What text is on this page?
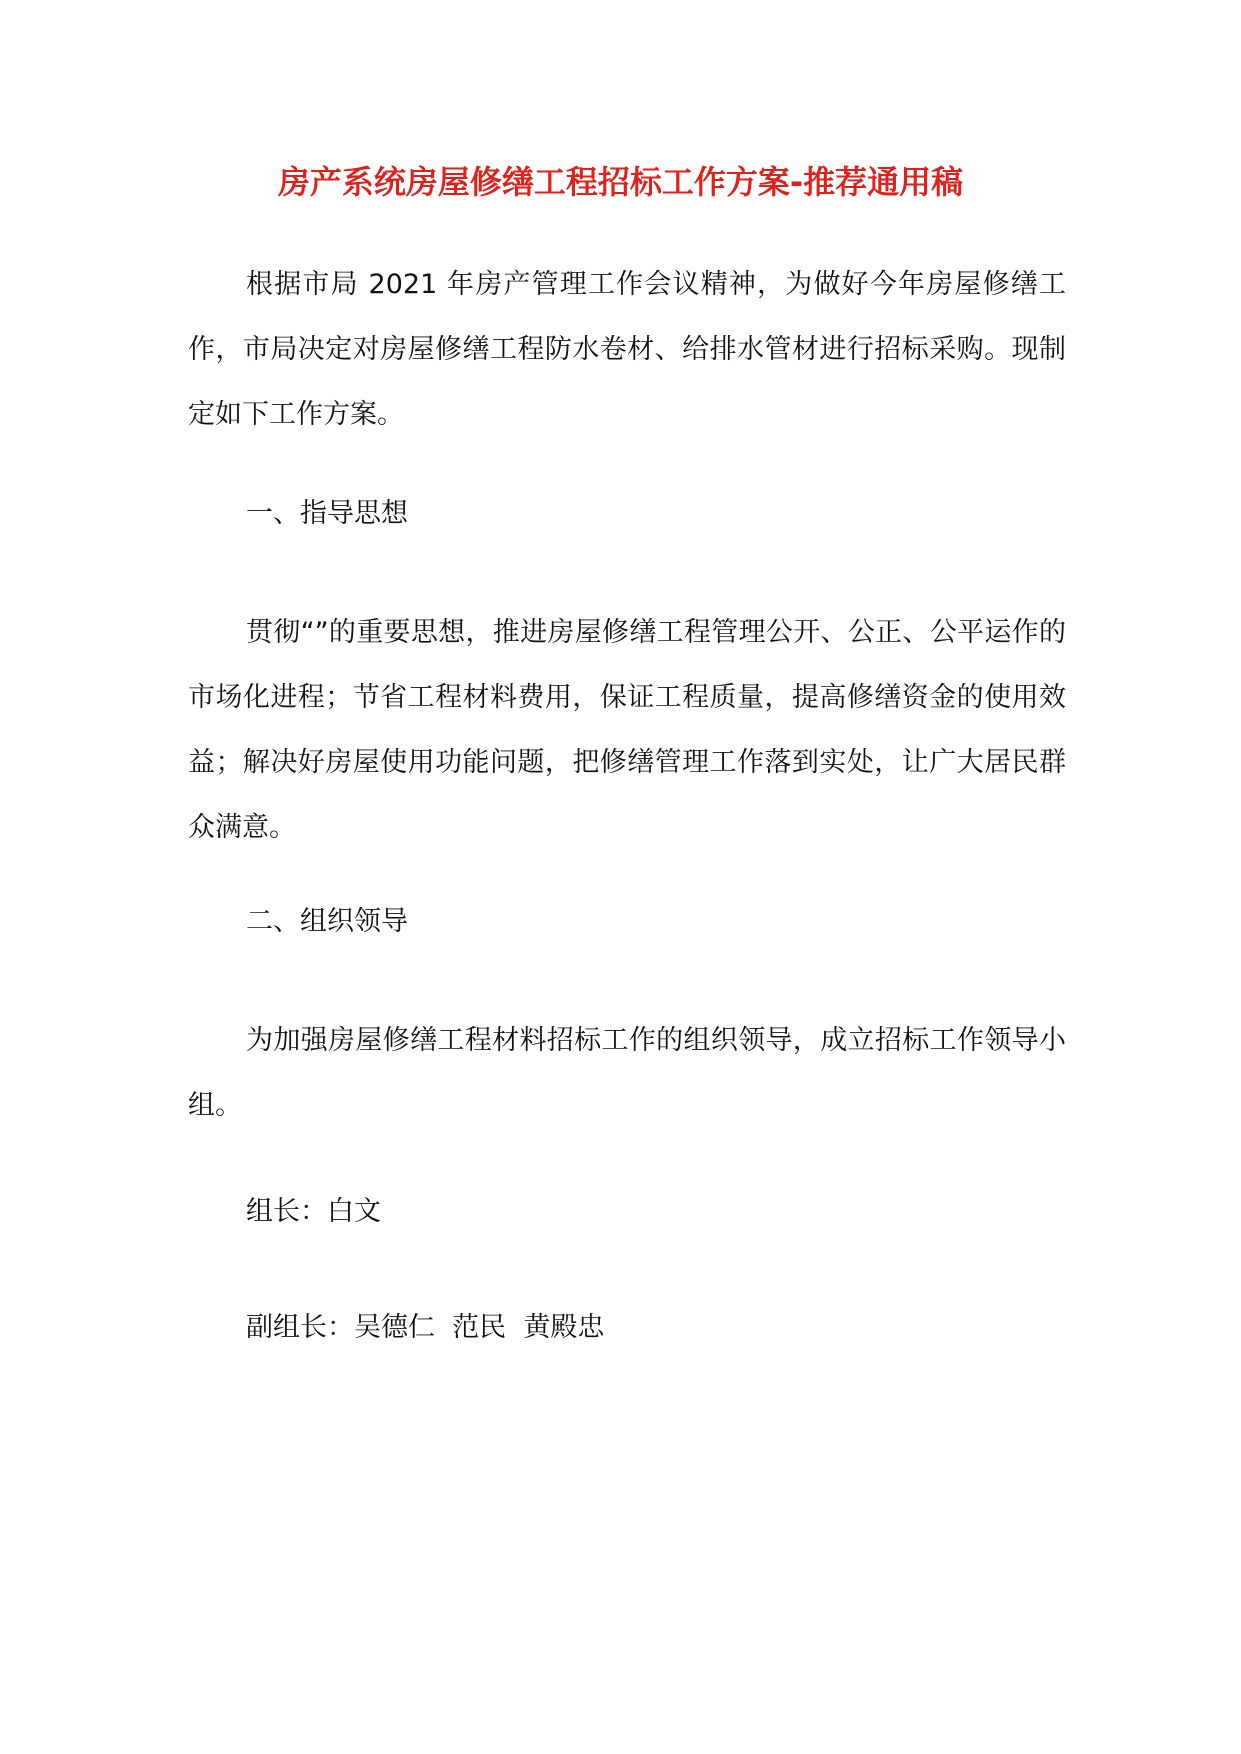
房产系统房屋修缮工程招标工作方案-推荐通用稿

根据市局 2021 年房产管理工作会议精神，为做好今年房屋修缮工作，市局决定对房屋修缮工程防水卷材、给排水管材进行招标采购。现制定如下工作方案。

一、指导思想

贯彻“”的重要思想，推进房屋修缮工程管理公开、公正、公平运作的市场化进程；节省工程材料费用，保证工程质量，提高修缮资金的使用效益；解决好房屋使用功能问题，把修缮管理工作落到实处，让广大居民群众满意。

二、组织领导

为加强房屋修缮工程材料招标工作的组织领导，成立招标工作领导小组。

组长：白文

副组长：吴德仁  范民  黄殿忠
